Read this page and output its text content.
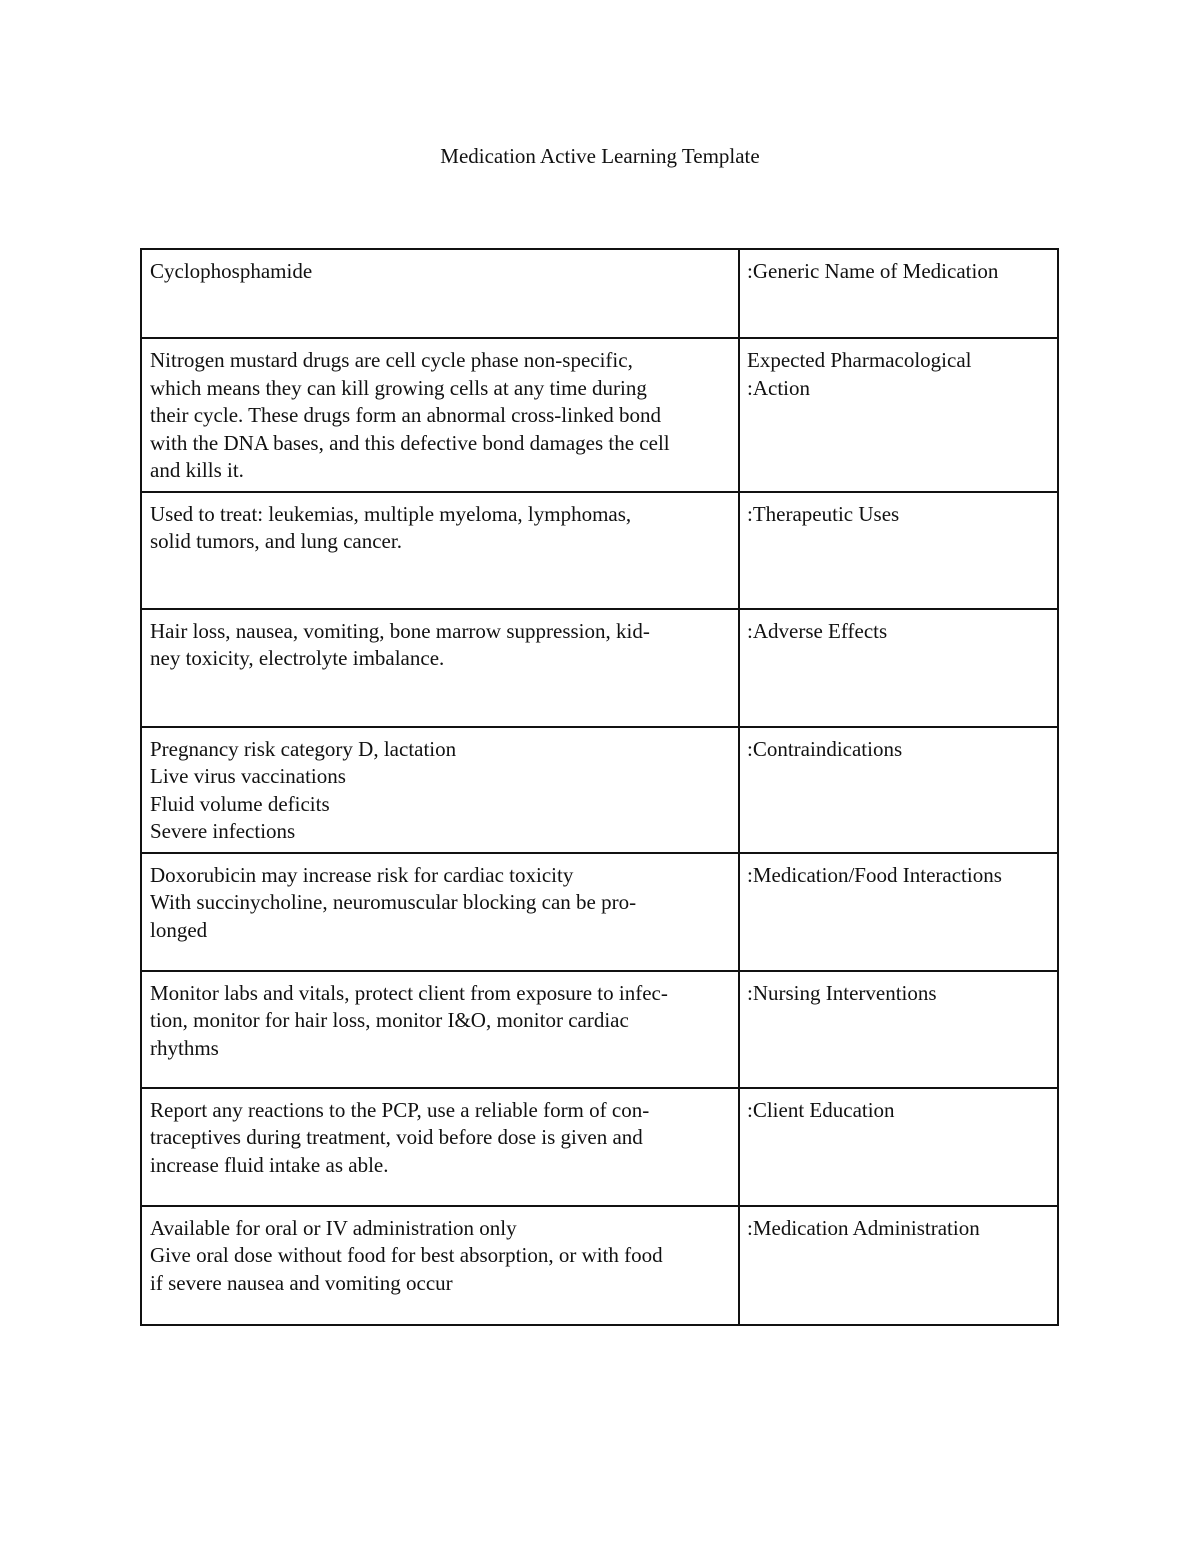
Medication Active Learning Template
Cyclophosphamide	:Generic Name of Medication

Nitrogen mustard drugs are cell cycle phase non-specific,
which means they can kill growing cells at any time during
their cycle. These drugs form an abnormal cross-linked bond
with the DNA bases, and this defective bond damages the cell
and kills it.	Expected Pharmacological
:Action

Used to treat: leukemias, multiple myeloma, lymphomas,
solid tumors, and lung cancer.	:Therapeutic Uses

Hair loss, nausea, vomiting, bone marrow suppression, kid-
ney toxicity, electrolyte imbalance.	:Adverse Effects

Pregnancy risk category D, lactation
Live virus vaccinations
Fluid volume deficits
Severe infections	:Contraindications

Doxorubicin may increase risk for cardiac toxicity
With succinycholine, neuromuscular blocking can be pro-
longed	:Medication/Food Interactions

Monitor labs and vitals, protect client from exposure to infec-
tion, monitor for hair loss, monitor I&O, monitor cardiac
rhythms	:Nursing Interventions

Report any reactions to the PCP, use a reliable form of con-
traceptives during treatment, void before dose is given and
increase fluid intake as able.	:Client Education

Available for oral or IV administration only
Give oral dose without food for best absorption, or with food
if severe nausea and vomiting occur	:Medication Administration
